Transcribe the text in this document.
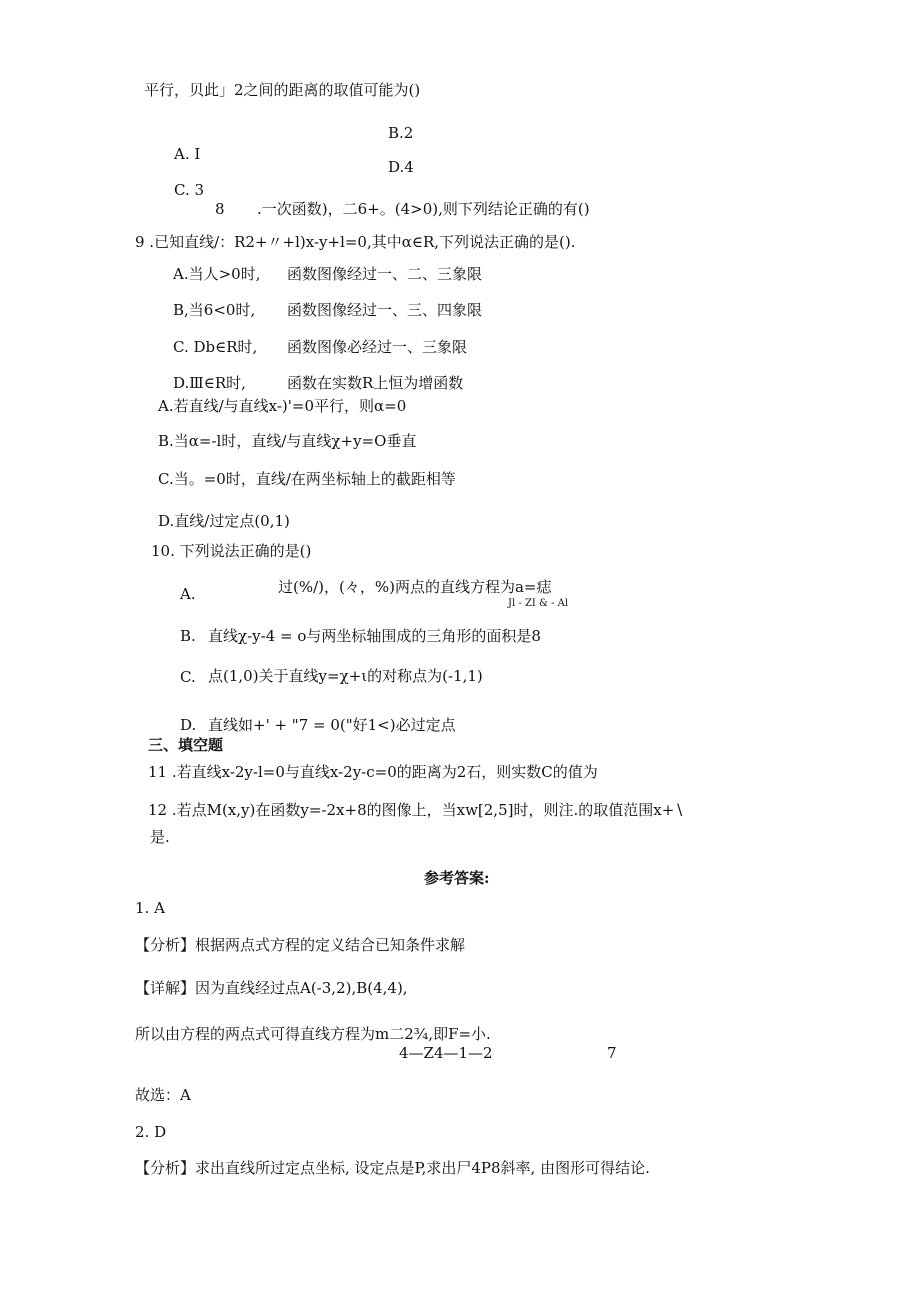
平行，贝此」2之间的距离的取值可能为()
B.2
A. I
D.4
C. 3
8 .一次函数)，二6+。(4>0),则下列结论正确的有()
9 .已知直线/：R2+〃+l)x-y+l=0,其中α∈R,下列说法正确的是().
A.当人>0时, 函数图像经过一、二、三象限
B,当6<0时, 函数图像经过一、三、四象限
C. Db∈R时, 函数图像必经过一、三象限
D.Ⅲ∈R时,	函数在实数R上恒为增函数
A.若直线/与直线x-)'=0平行，则α=0
B.当α=-l时，直线/与直线χ+y=O垂直
C.当。=0时，直线/在两坐标轴上的截距相等
D.直线/过定点(0,1)
10. 下列说法正确的是()
A.	过(%/)，(々，%)两点的直线方程为a=痣
Jl - ZI & - Al
B. 直线χ-y-4 = o与两坐标轴围成的三角形的面积是8
C. 点(1,0)关于直线y=χ+ι的对称点为(-1,1)
D. 直线如+' + "7 = 0("好1<)必过定点
三、填空题
11 .若直线x-2y-l=0与直线x-2y-c=0的距离为2石，则实数C的值为
12 .若点M(x,y)在函数y=-2x+8的图像上，当xw[2,5]时，则注.的取值范围x+∖
是.
参考答案:
1. A
【分析】根据两点式方程的定义结合已知条件求解
【详解】因为直线经过点A(-3,2),B(4,4),
所以由方程的两点式可得直线方程为m二2¾,即F=小.
4—Z4—1—2	7
故选：A
2. D
【分析】求出直线所过定点坐标, 设定点是P,求出尸4P8斜率, 由图形可得结论.
